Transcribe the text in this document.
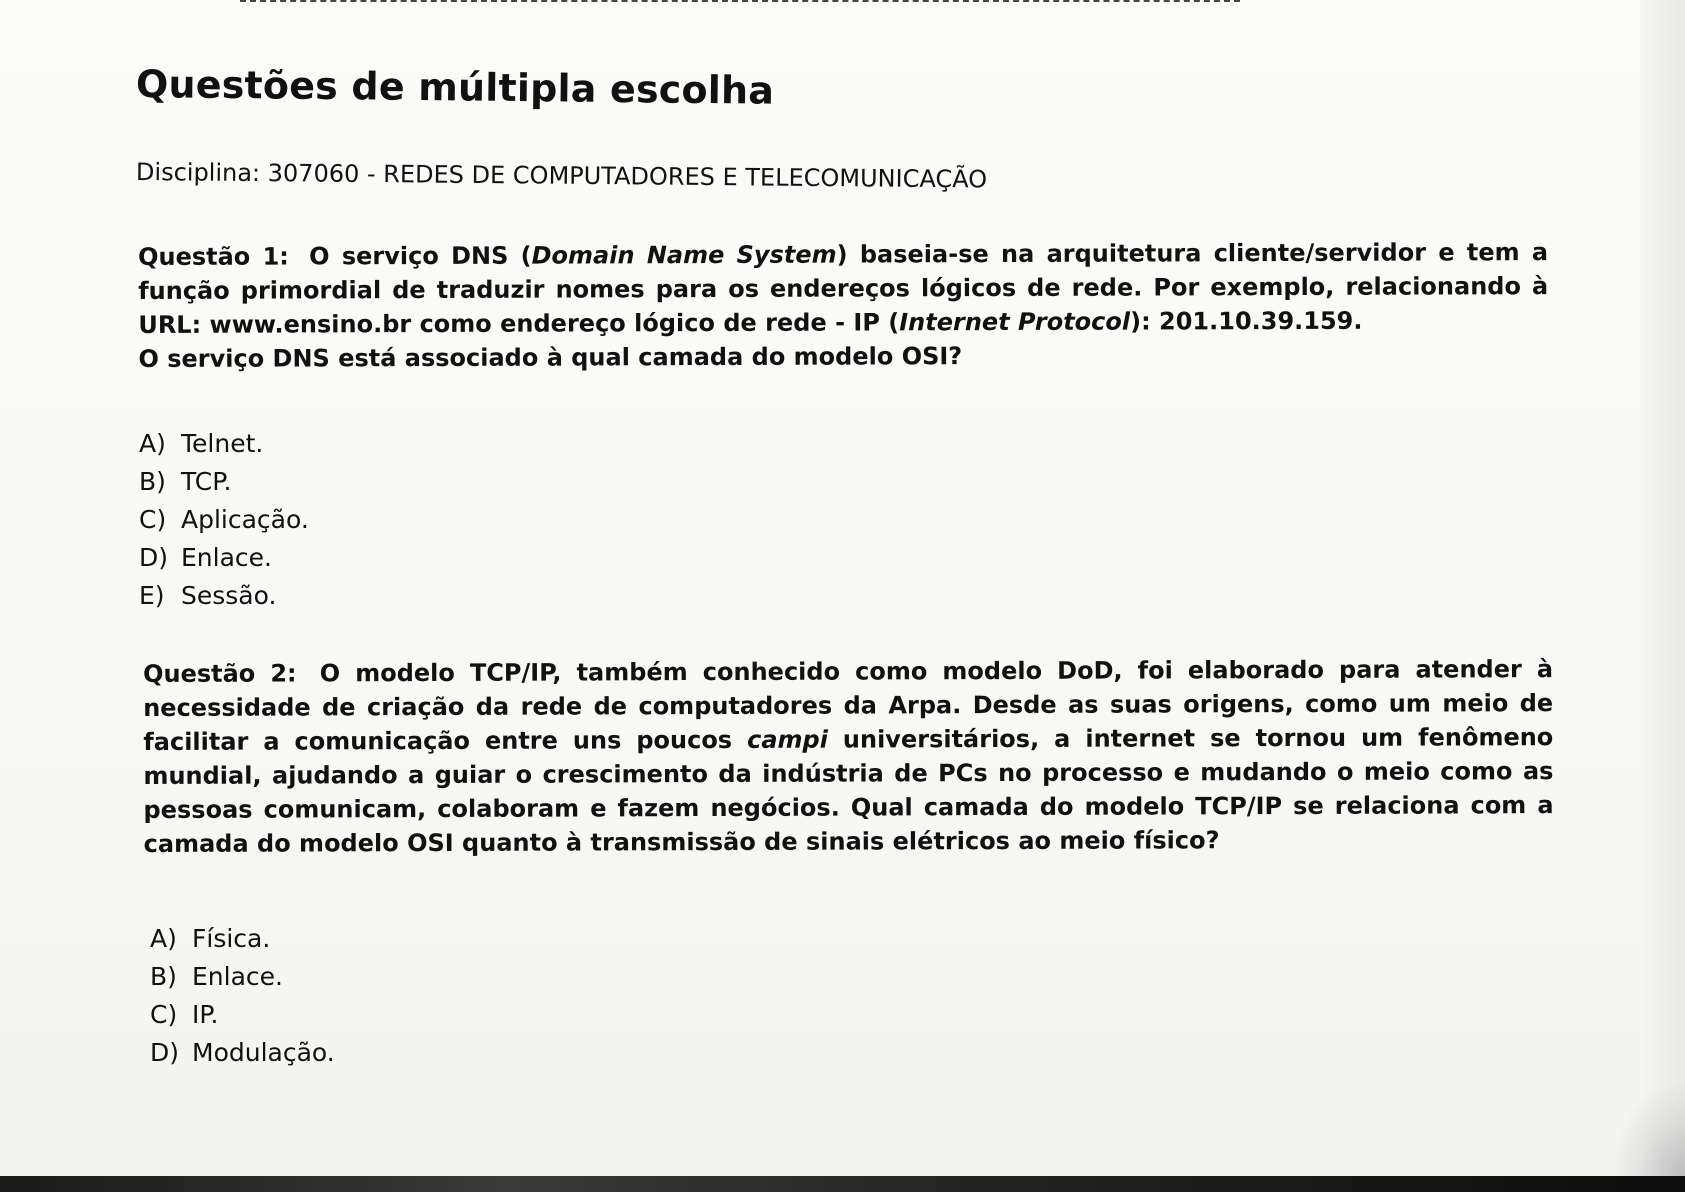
Questões de múltipla escolha
Disciplina: 307060 - REDES DE COMPUTADORES E TELECOMUNICAÇÃO

Questão 1: O serviço DNS (Domain Name System) baseia-se na arquitetura cliente/servidor e tem a função primordial de traduzir nomes para os endereços lógicos de rede. Por exemplo, relacionando à URL: www.ensino.br como endereço lógico de rede - IP (Internet Protocol): 201.10.39.159.
O serviço DNS está associado à qual camada do modelo OSI?

A) Telnet.
B) TCP.
C) Aplicação.
D) Enlace.
E) Sessão.

Questão 2: O modelo TCP/IP, também conhecido como modelo DoD, foi elaborado para atender à necessidade de criação da rede de computadores da Arpa. Desde as suas origens, como um meio de facilitar a comunicação entre uns poucos campi universitários, a internet se tornou um fenômeno mundial, ajudando a guiar o crescimento da indústria de PCs no processo e mudando o meio como as pessoas comunicam, colaboram e fazem negócios. Qual camada do modelo TCP/IP se relaciona com a camada do modelo OSI quanto à transmissão de sinais elétricos ao meio físico?

A) Física.
B) Enlace.
C) IP.
D) Modulação.
